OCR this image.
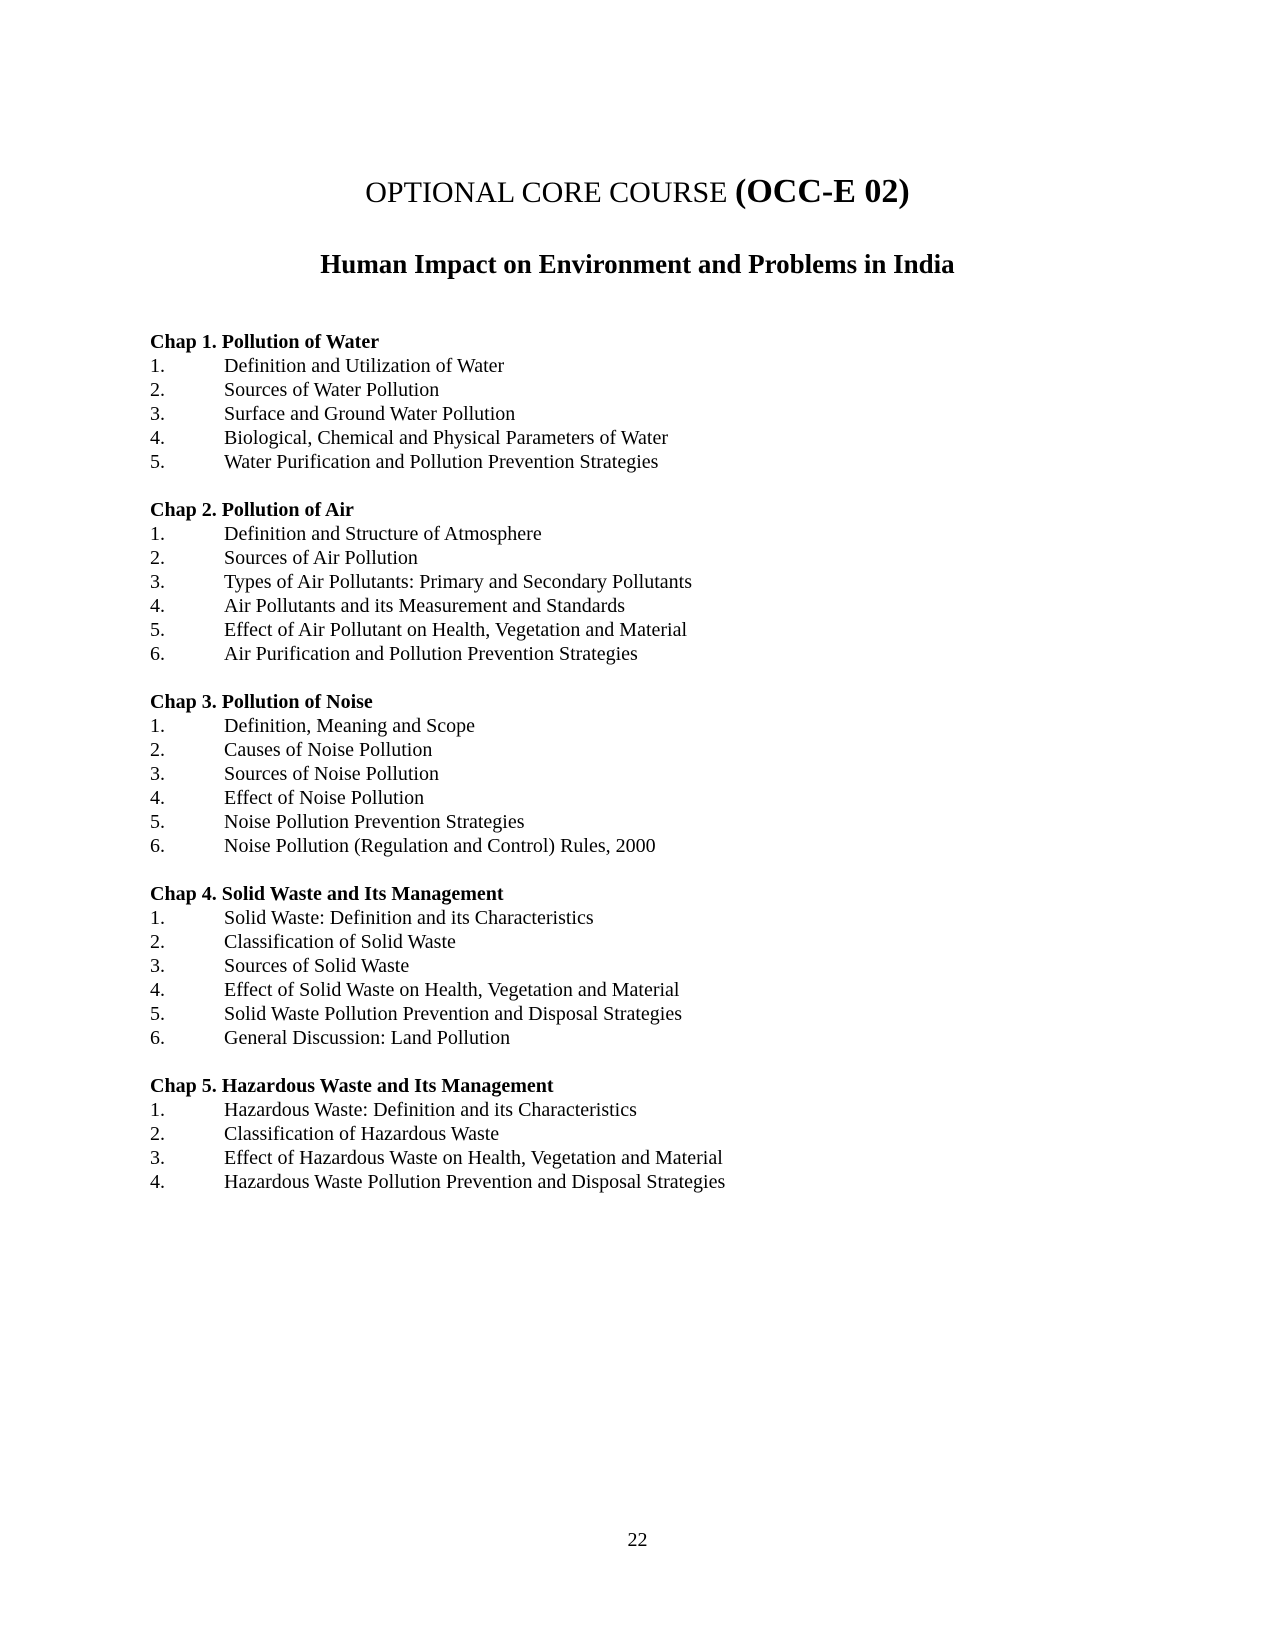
OPTIONAL CORE COURSE (OCC-E 02)
Human Impact on Environment and Problems in India
Chap 1. Pollution of Water
1.	Definition and Utilization of Water
2.	Sources of Water Pollution
3.	Surface and Ground Water Pollution
4.	Biological, Chemical and Physical Parameters of Water
5.	Water Purification and Pollution Prevention Strategies
Chap 2. Pollution of Air
1.	Definition and Structure of Atmosphere
2.	Sources of Air Pollution
3.	Types of Air Pollutants: Primary and Secondary Pollutants
4.	Air Pollutants and its Measurement and Standards
5.	Effect of Air Pollutant on Health, Vegetation and Material
6.	Air Purification and Pollution Prevention Strategies
Chap 3. Pollution of Noise
1.	Definition, Meaning and Scope
2.	Causes of Noise Pollution
3.	Sources of Noise Pollution
4.	Effect of Noise Pollution
5.	Noise Pollution Prevention Strategies
6.	Noise Pollution (Regulation and Control) Rules, 2000
Chap 4. Solid Waste and Its Management
1.	Solid Waste: Definition and its Characteristics
2.	Classification of Solid Waste
3.	Sources of Solid Waste
4.	Effect of Solid Waste on Health, Vegetation and Material
5.	Solid Waste Pollution Prevention and Disposal Strategies
6.	General Discussion: Land Pollution
Chap 5. Hazardous Waste and Its Management
1.	Hazardous Waste: Definition and its Characteristics
2.	Classification of Hazardous Waste
3.	Effect of Hazardous Waste on Health, Vegetation and Material
4.	Hazardous Waste Pollution Prevention and Disposal Strategies
22
